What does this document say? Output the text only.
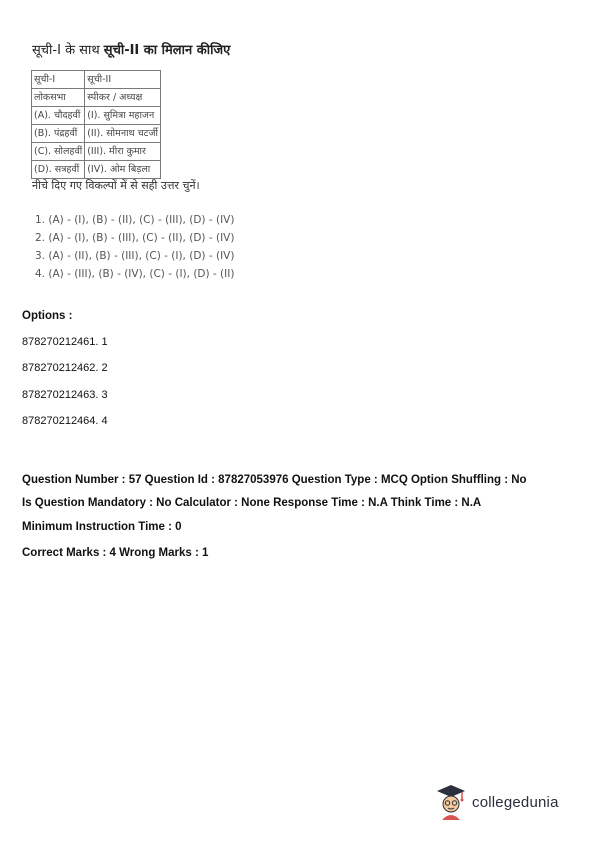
सूची-I के साथ सूची-II का मिलान कीजिए
सूची-I	सूची-II
लोकसभा	स्पीकर / अध्यक्ष
(A). चौदहवीं	(I). सुमित्रा महाजन
(B). पंद्रहवीं	(II). सोमनाथ चटर्जी
(C). सोलहवीं	(III). मीरा कुमार
(D). सत्रहवीं	(IV). ओम बिड़ला
नीचे दिए गए विकल्पों में से सही उत्तर चुनें।
1. (A) - (I), (B) - (II), (C) - (III), (D) - (IV)
2. (A) - (I), (B) - (III), (C) - (II), (D) - (IV)
3. (A) - (II), (B) - (III), (C) - (I), (D) - (IV)
4. (A) - (III), (B) - (IV), (C) - (I), (D) - (II)
Options :
878270212461. 1
878270212462. 2
878270212463. 3
878270212464. 4
Question Number : 57 Question Id : 87827053976 Question Type : MCQ Option Shuffling : No
Is Question Mandatory : No Calculator : None Response Time : N.A Think Time : N.A
Minimum Instruction Time : 0
Correct Marks : 4 Wrong Marks : 1
collegedunia
